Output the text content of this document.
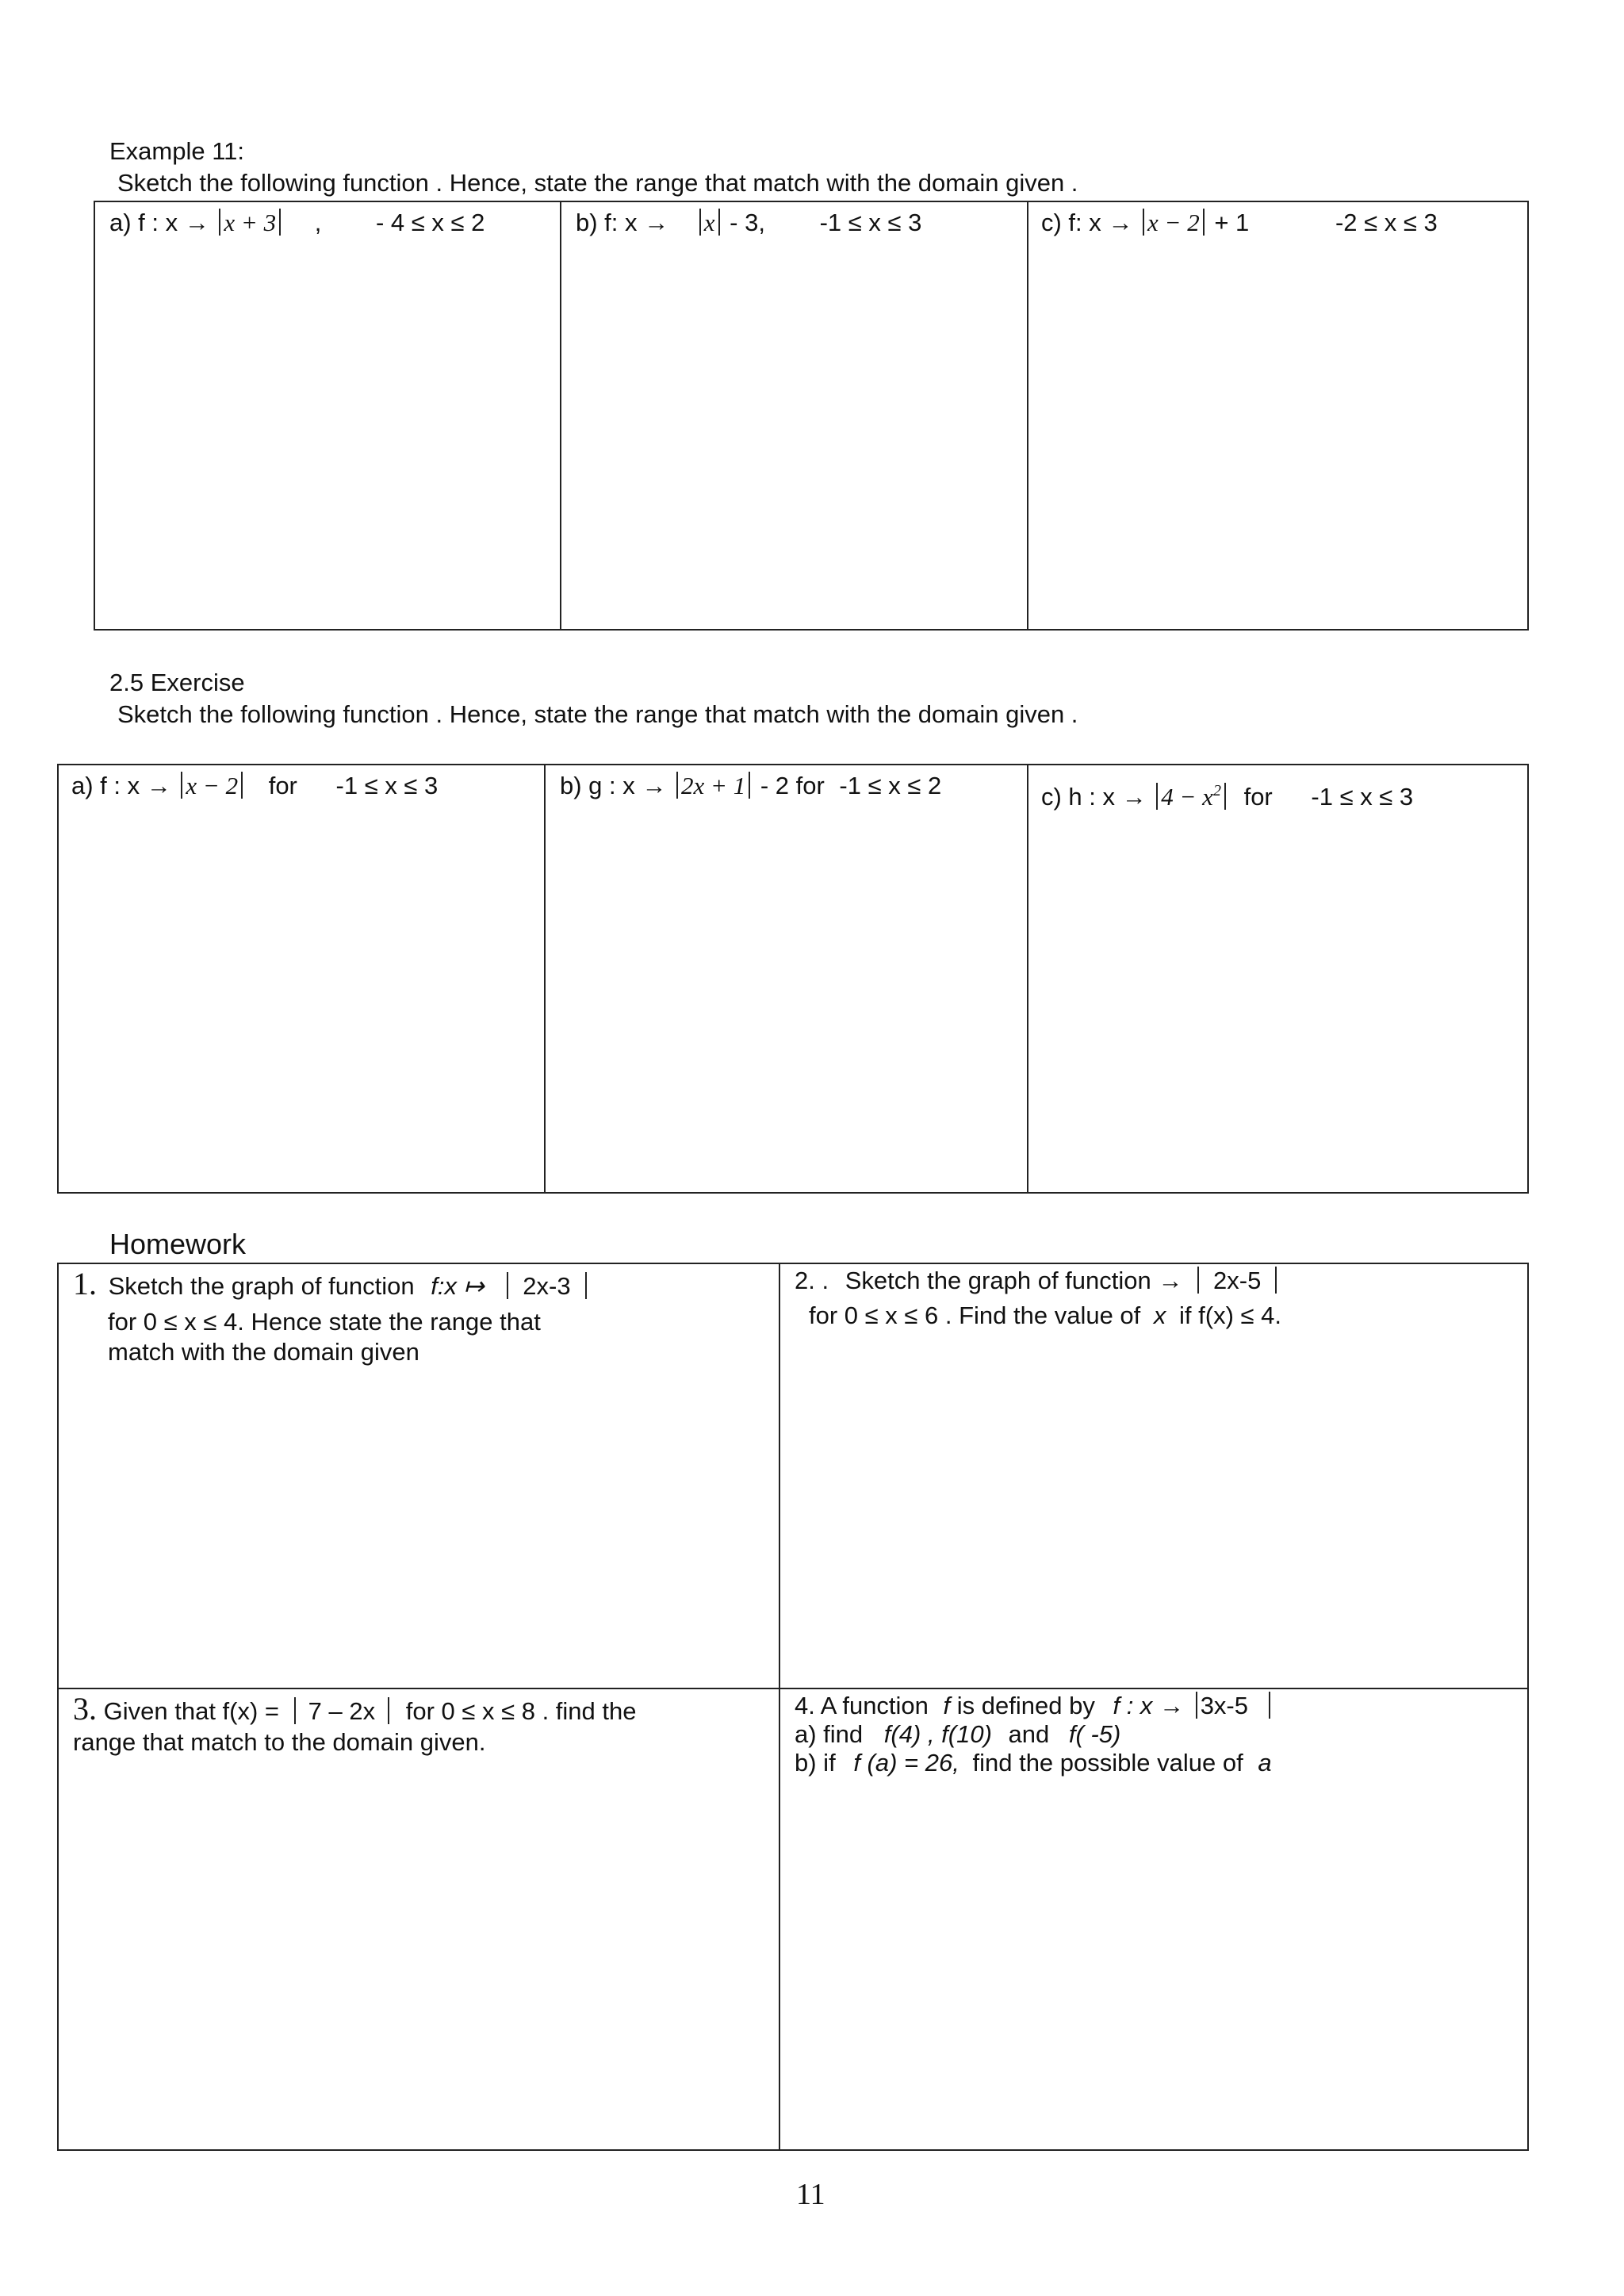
Example 11:
Sketch the following function . Hence, state the range that match with the domain given .
a) f : x → x + 3 , - 4 ≤ x ≤ 2	b) f: x → x - 3, -1 ≤ x ≤ 3	c) f: x → x − 2 + 1	-2 ≤ x ≤ 3
2.5 Exercise
Sketch the following function . Hence, state the range that match with the domain given .
a) f : x → x − 2 for -1 ≤ x ≤ 3	b) g : x → 2x + 1 - 2 for -1 ≤ x ≤ 2	c) h : $x \to 4 - x^2$ for -1 ≤ x ≤ 3
Homework
1. Sketch the graph of function f:x ↦ 2x-3
for 0 ≤ x ≤ 4. Hence state the range that
match with the domain given
2. . Sketch the graph of function → 2x-5
for 0 ≤ x ≤ 6 . Find the value of x if f(x) ≤ 4.
3. Given that f(x) = 7 – 2x for 0 ≤ x ≤ 8 . find the
range that match to the domain given.
4. A function f is defined by f : x → 3x-5
a) find f(4) , f(10) and f( -5)
b) if f (a) = 26, find the possible value of a
11
